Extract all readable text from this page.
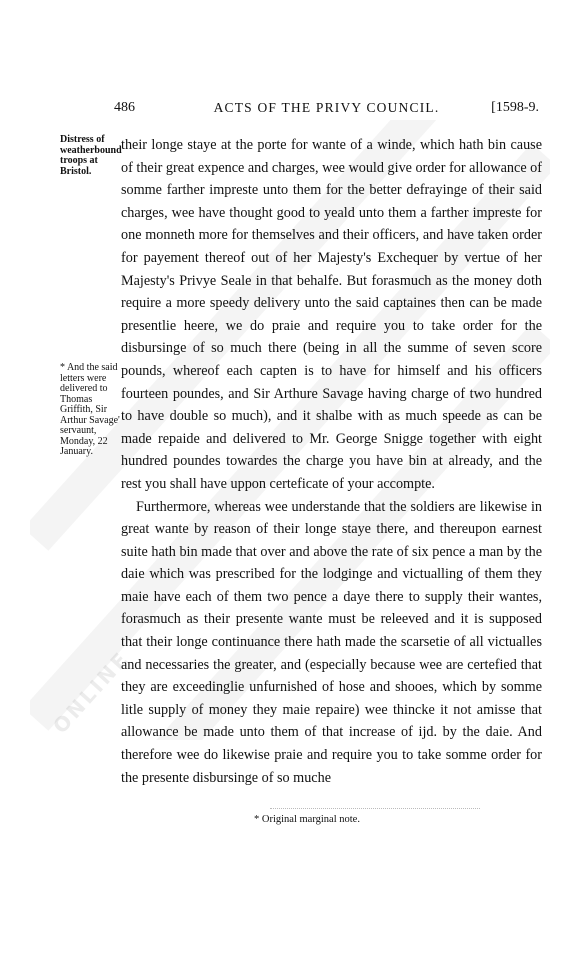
ONLINE
486	ACTS OF THE PRIVY COUNCIL.	[1598-9.
Distress of weatherbound troops at Bristol.
* And the said letters were delivered to Thomas Griffith, Sir Arthur Savage' servaunt, Monday, 22 January.

their longe staye at the porte for wante of a winde, which hath bin cause of their great expence and charges, wee would give order for allowance of somme farther impreste unto them for the better defrayinge of their said charges, wee have thought good to yeald unto them a farther impreste for one monneth more for themselves and their officers, and have taken order for payement thereof out of her Majesty's Exchequer by vertue of her Majesty's Privye Seale in that behalfe. But forasmuch as the money doth require a more speedy delivery unto the said captaines then can be made presentlie heere, we do praie and require you to take order for the disbursinge of so much there (being in all the summe of seven score pounds, whereof each capten is to have for himself and his officers fourteen poundes, and Sir Arthure Savage having charge of two hundred to have double so much), and it shalbe with as much speede as can be made repaide and delivered to Mr. George Snigge together with eight hundred poundes towardes the charge you have bin at already, and the rest you shall have uppon certeficate of your accompte.

Furthermore, whereas wee understande that the soldiers are likewise in great wante by reason of their longe staye there, and thereupon earnest suite hath bin made that over and above the rate of six pence a man by the daie which was prescribed for the lodginge and victualling of them they maie have each of them two pence a daye there to supply their wantes, forasmuch as their presente wante must be releeved and it is supposed that their longe continuance there hath made the scarsetie of all victualles and necessaries the greater, and (especially because wee are certefied that they are exceedinglie unfurnished of hose and shooes, which by somme litle supply of money they maie repaire) wee thincke it not amisse that allowance be made unto them of that increase of ijd. by the daie. And therefore wee do likewise praie and require you to take somme order for the presente disbursinge of so muche

* Original marginal note.
